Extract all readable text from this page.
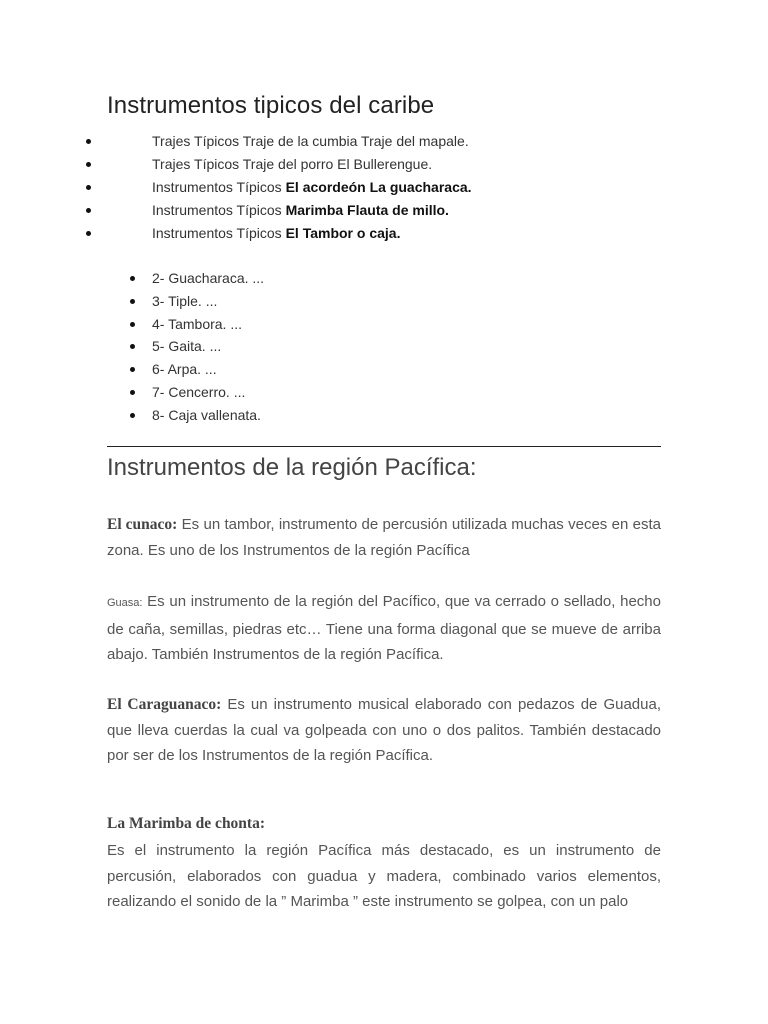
Instrumentos tipicos del caribe
Trajes Típicos Traje de la cumbia Traje del mapale.
Trajes Típicos Traje del porro El Bullerengue.
Instrumentos Típicos El acordeón La guacharaca.
Instrumentos Típicos Marimba Flauta de millo.
Instrumentos Típicos El Tambor o caja.
2- Guacharaca. ...
3- Tiple. ...
4- Tambora. ...
5- Gaita. ...
6- Arpa. ...
7- Cencerro. ...
8- Caja vallenata.
Instrumentos de la región Pacífica:

El cunaco: Es un tambor, instrumento de percusión utilizada muchas veces en esta zona. Es uno de los Instrumentos de la región Pacífica

Guasa: Es un instrumento de la región del Pacífico, que va cerrado o sellado, hecho de caña, semillas, piedras etc… Tiene una forma diagonal que se mueve de arriba abajo. También Instrumentos de la región Pacífica.

El Caraguanaco: Es un instrumento musical elaborado con pedazos de Guadua, que lleva cuerdas la cual va golpeada con uno o dos palitos. También destacado por ser de los Instrumentos de la región Pacífica.

La Marimba de chonta:

Es el instrumento la región Pacífica más destacado, es un instrumento de percusión, elaborados con guadua y madera, combinado varios elementos, realizando el sonido de la ” Marimba ” este instrumento se golpea, con un palo
